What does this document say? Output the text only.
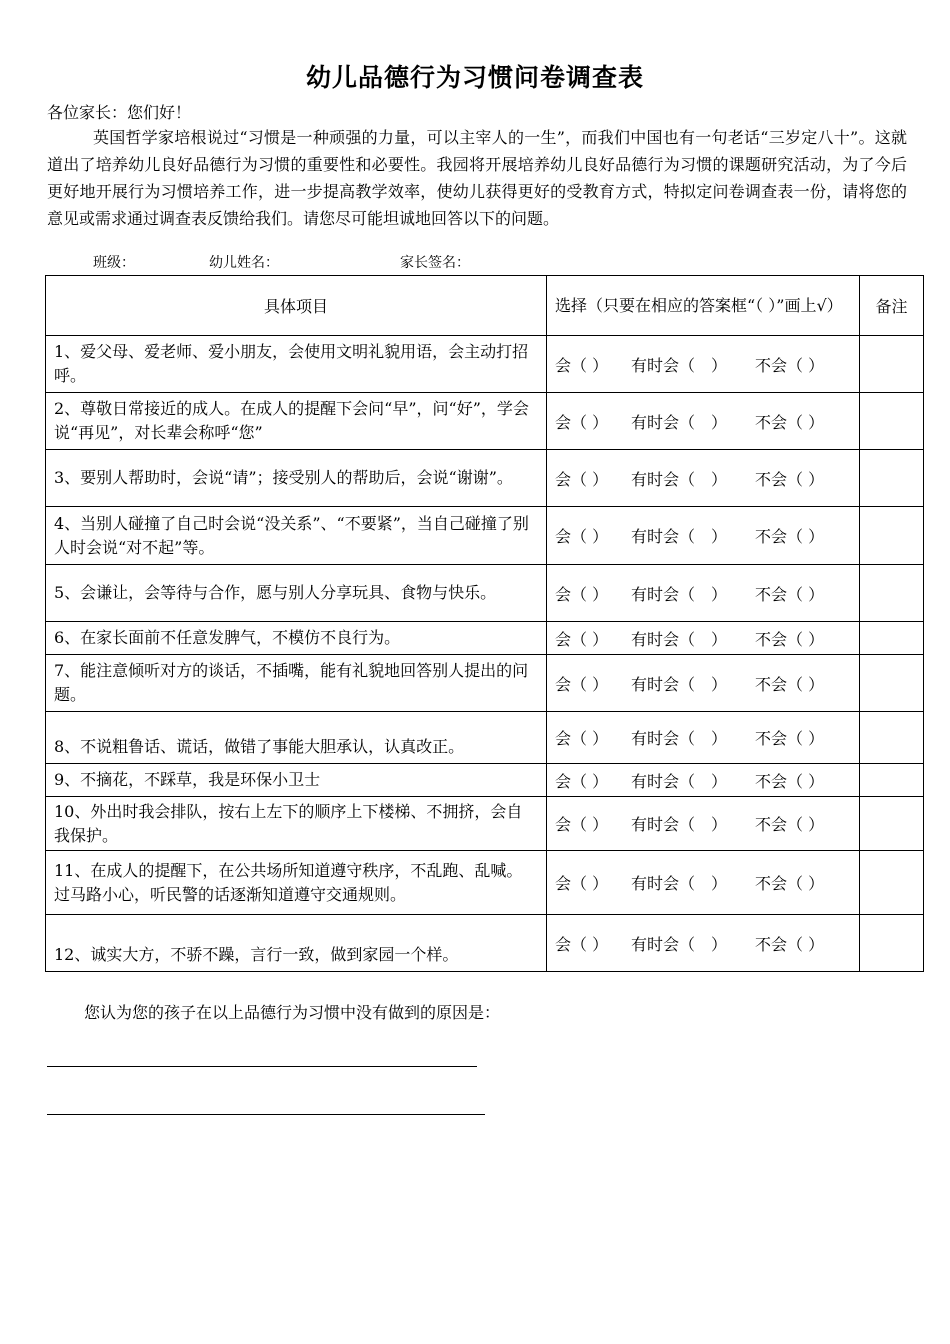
幼儿品德行为习惯问卷调查表
各位家长：您们好！
英国哲学家培根说过“习惯是一种顽强的力量，可以主宰人的一生”，而我们中国也有一句老话“三岁定八十”。这就道出了培养幼儿良好品德行为习惯的重要性和必要性。我园将开展培养幼儿良好品德行为习惯的课题研究活动，为了今后更好地开展行为习惯培养工作，进一步提高教学效率，使幼儿获得更好的受教育方式，特拟定问卷调查表一份，请将您的意见或需求通过调查表反馈给我们。请您尽可能坦诚地回答以下的问题。
班级：	幼儿姓名：	家长签名：
具体项目	选择（只要在相应的答案框“（ ）”画上√）	备注
1、爱父母、爱老师、爱小朋友，会使用文明礼貌用语，会主动打招呼。	会（ ） 有时会（　） 不会（ ）	
2、尊敬日常接近的成人。在成人的提醒下会问“早”，问“好”，学会说“再见”，对长辈会称呼“您”	会（ ） 有时会（　） 不会（ ）	
3、要别人帮助时，会说“请”；接受别人的帮助后，会说“谢谢”。	会（ ） 有时会（　） 不会（ ）	
4、当别人碰撞了自己时会说“没关系”、“不要紧”，当自己碰撞了别人时会说“对不起”等。	会（ ） 有时会（　） 不会（ ）	
5、会谦让，会等待与合作，愿与别人分享玩具、食物与快乐。	会（ ） 有时会（　） 不会（ ）	
6、在家长面前不任意发脾气，不模仿不良行为。	会（ ） 有时会（　） 不会（ ）	
7、能注意倾听对方的谈话，不插嘴，能有礼貌地回答别人提出的问题。	会（ ） 有时会（　） 不会（ ）	
8、不说粗鲁话、谎话，做错了事能大胆承认，认真改正。	会（ ） 有时会（　） 不会（ ）	
9、不摘花，不踩草，我是环保小卫士	会（ ） 有时会（　） 不会（ ）	
10、外出时我会排队，按右上左下的顺序上下楼梯、不拥挤，会自我保护。	会（ ） 有时会（　） 不会（ ）	
11、在成人的提醒下，在公共场所知道遵守秩序，不乱跑、乱喊。过马路小心，听民警的话逐渐知道遵守交通规则。	会（ ） 有时会（　） 不会（ ）	
12、诚实大方，不骄不躁，言行一致，做到家园一个样。	会（ ） 有时会（　） 不会（ ）	
您认为您的孩子在以上品德行为习惯中没有做到的原因是：
